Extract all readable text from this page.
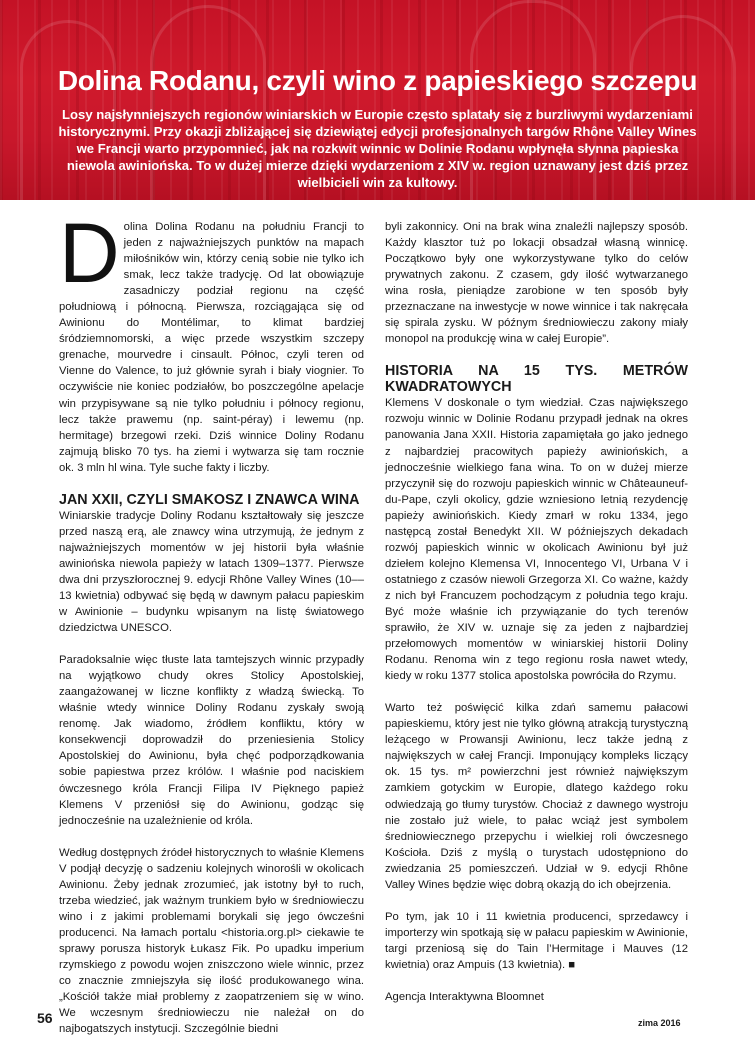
Dolina Rodanu, czyli wino z papieskiego szczepu

Losy najsłynniejszych regionów winiarskich w Europie często splatały się z burzliwymi wydarzeniami historycznymi. Przy okazji zbliżającej się dziewiątej edycji profesjonalnych targów Rhône Valley Wines we Francji warto przypomnieć, jak na rozkwit winnic w Dolinie Rodanu wpłynęła słynna papieska niewola awiniońska. To w dużej mierze dzięki wydarzeniom z XIV w. region uznawany jest dziś przez wielbicieli win za kultowy.

Dolina Dolina Rodanu na południu Francji to jeden z najważniejszych punktów na mapach miłośników win, którzy cenią sobie nie tylko ich smak, lecz także tradycję. Od lat obowiązuje zasadniczy podział regionu na część południową i północną. Pierwsza, rozciągająca się od Awinionu do Montélimar, to klimat bardziej śródziemnomorski, a więc przede wszystkim szczepy grenache, mourvedre i cinsault. Północ, czyli teren od Vienne do Valence, to już głównie syrah i biały viognier. To oczywiście nie koniec podziałów, bo poszczególne apelacje win przypisywane są nie tylko południu i północy regionu, lecz także prawemu (np. saint-péray) i lewemu (np. hermitage) brzegowi rzeki. Dziś winnice Doliny Rodanu zajmują blisko 70 tys. ha ziemi i wytwarza się tam rocznie ok. 3 mln hl wina. Tyle suche fakty i liczby.

JAN XXII, CZYLI SMAKOSZ I ZNAWCA WINA

Winiarskie tradycje Doliny Rodanu kształtowały się jeszcze przed naszą erą, ale znawcy wina utrzymują, że jednym z najważniejszych momentów w jej historii była właśnie awiniońska niewola papieży w latach 1309–1377. Pierwsze dwa dni przyszłorocznej 9. edycji Rhône Valley Wines (10––13 kwietnia) odbywać się będą w dawnym pałacu papieskim w Awinionie – budynku wpisanym na listę światowego dziedzictwa UNESCO.

Paradoksalnie więc tłuste lata tamtejszych winnic przypadły na wyjątkowo chudy okres Stolicy Apostolskiej, zaangażowanej w liczne konflikty z władzą świecką. To właśnie wtedy winnice Doliny Rodanu zyskały swoją renomę. Jak wiadomo, źródłem konfliktu, który w konsekwencji doprowadził do przeniesienia Stolicy Apostolskiej do Awinionu, była chęć podporządkowania sobie papiestwa przez królów. I właśnie pod naciskiem ówczesnego króla Francji Filipa IV Pięknego papież Klemens V przeniósł się do Awinionu, godząc się jednocześnie na uzależnienie od króla.

Według dostępnych źródeł historycznych to właśnie Klemens V podjął decyzję o sadzeniu kolejnych winorośli w okolicach Awinionu. Żeby jednak zrozumieć, jak istotny był to ruch, trzeba wiedzieć, jak ważnym trunkiem było w średniowieczu wino i z jakimi problemami borykali się jego ówcześni producenci. Na łamach portalu <historia.org.pl> ciekawie te sprawy porusza historyk Łukasz Fik. Po upadku imperium rzymskiego z powodu wojen zniszczono wiele winnic, przez co znacznie zmniejszyła się ilość produkowanego wina. „Kościół także miał problemy z zaopatrzeniem się w wino. We wczesnym średniowieczu nie należał on do najbogatszych instytucji. Szczególnie biedni

byli zakonnicy. Oni na brak wina znaleźli najlepszy sposób. Każdy klasztor tuż po lokacji obsadzał własną winnicę. Początkowo były one wykorzystywane tylko do celów prywatnych zakonu. Z czasem, gdy ilość wytwarzanego wina rosła, pieniądze zarobione w ten sposób były przeznaczane na inwestycje w nowe winnice i tak nakręcała się spirala zysku. W późnym średniowieczu zakony miały monopol na produkcję wina w całej Europie”.

HISTORIA NA 15 TYS. METRÓW KWADRATOWYCH

Klemens V doskonale o tym wiedział. Czas największego rozwoju winnic w Dolinie Rodanu przypadł jednak na okres panowania Jana XXII. Historia zapamiętała go jako jednego z najbardziej pracowitych papieży awiniońskich, a jednocześnie wielkiego fana wina. To on w dużej mierze przyczynił się do rozwoju papieskich winnic w Châteauneuf-du-Pape, czyli okolicy, gdzie wzniesiono letnią rezydencję papieży awiniońskich. Kiedy zmarł w roku 1334, jego następcą został Benedykt XII. W późniejszych dekadach rozwój papieskich winnic w okolicach Awinionu był już dziełem kolejno Klemensa VI, Innocentego VI, Urbana V i ostatniego z czasów niewoli Grzegorza XI. Co ważne, każdy z nich był Francuzem pochodzącym z południa tego kraju. Być może właśnie ich przywiązanie do tych terenów sprawiło, że XIV w. uznaje się za jeden z najbardziej przełomowych momentów w winiarskiej historii Doliny Rodanu. Renoma win z tego regionu rosła nawet wtedy, kiedy w roku 1377 stolica apostolska powróciła do Rzymu.

Warto też poświęcić kilka zdań samemu pałacowi papieskiemu, który jest nie tylko główną atrakcją turystyczną leżącego w Prowansji Awinionu, lecz także jedną z największych w całej Francji. Imponujący kompleks liczący ok. 15 tys. m² powierzchni jest również największym zamkiem gotyckim w Europie, dlatego każdego roku odwiedzają go tłumy turystów. Chociaż z dawnego wystroju nie zostało już wiele, to pałac wciąż jest symbolem średniowiecznego przepychu i wielkiej roli ówczesnego Kościoła. Dziś z myślą o turystach udostępniono do zwiedzania 25 pomieszczeń. Udział w 9. edycji Rhône Valley Wines będzie więc dobrą okazją do ich obejrzenia.

Po tym, jak 10 i 11 kwietnia producenci, sprzedawcy i importerzy win spotkają się w pałacu papieskim w Awinionie, targi przeniosą się do Tain l’Hermitage i Mauves (12 kwietnia) oraz Ampuis (13 kwietnia). ■

Agencja Interaktywna Bloomnet

56	zima 2016
